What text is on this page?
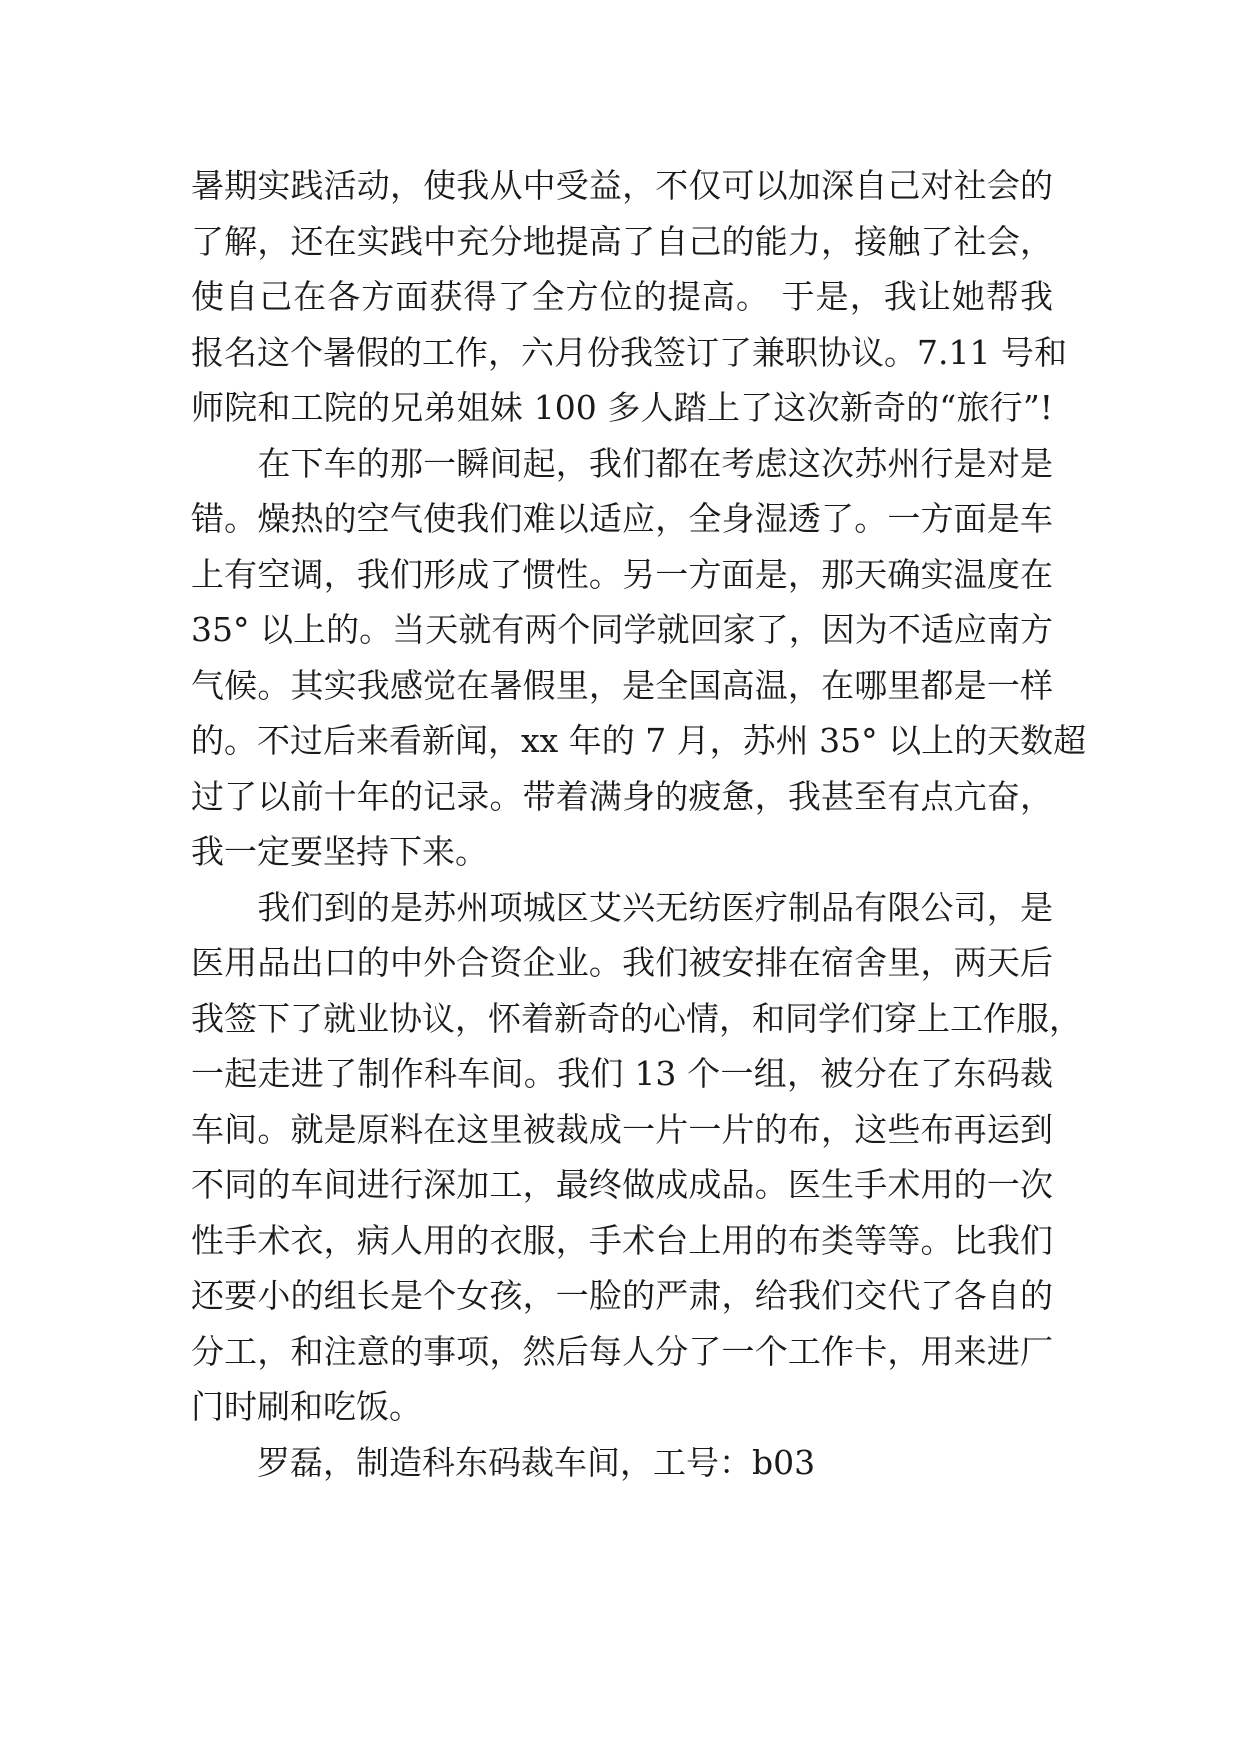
暑期实践活动，使我从中受益，不仅可以加深自己对社会的
了解，还在实践中充分地提高了自己的能力，接触了社会，
使自己在各方面获得了全方位的提高。 于是，我让她帮我
报名这个暑假的工作，六月份我签订了兼职协议。7.11 号和
师院和工院的兄弟姐妹 100 多人踏上了这次新奇的“旅行”!
　　在下车的那一瞬间起，我们都在考虑这次苏州行是对是
错。燥热的空气使我们难以适应，全身湿透了。一方面是车
上有空调，我们形成了惯性。另一方面是，那天确实温度在
35° 以上的。当天就有两个同学就回家了，因为不适应南方
气候。其实我感觉在暑假里，是全国高温，在哪里都是一样
的。不过后来看新闻，xx 年的 7 月，苏州 35° 以上的天数超
过了以前十年的记录。带着满身的疲惫，我甚至有点亢奋，
我一定要坚持下来。
　　我们到的是苏州项城区艾兴无纺医疗制品有限公司，是
医用品出口的中外合资企业。我们被安排在宿舍里，两天后
我签下了就业协议，怀着新奇的心情，和同学们穿上工作服，
一起走进了制作科车间。我们 13 个一组，被分在了东码裁
车间。就是原料在这里被裁成一片一片的布，这些布再运到
不同的车间进行深加工，最终做成成品。医生手术用的一次
性手术衣，病人用的衣服，手术台上用的布类等等。比我们
还要小的组长是个女孩，一脸的严肃，给我们交代了各自的
分工，和注意的事项，然后每人分了一个工作卡，用来进厂
门时刷和吃饭。
　　罗磊，制造科东码裁车间，工号：b03
